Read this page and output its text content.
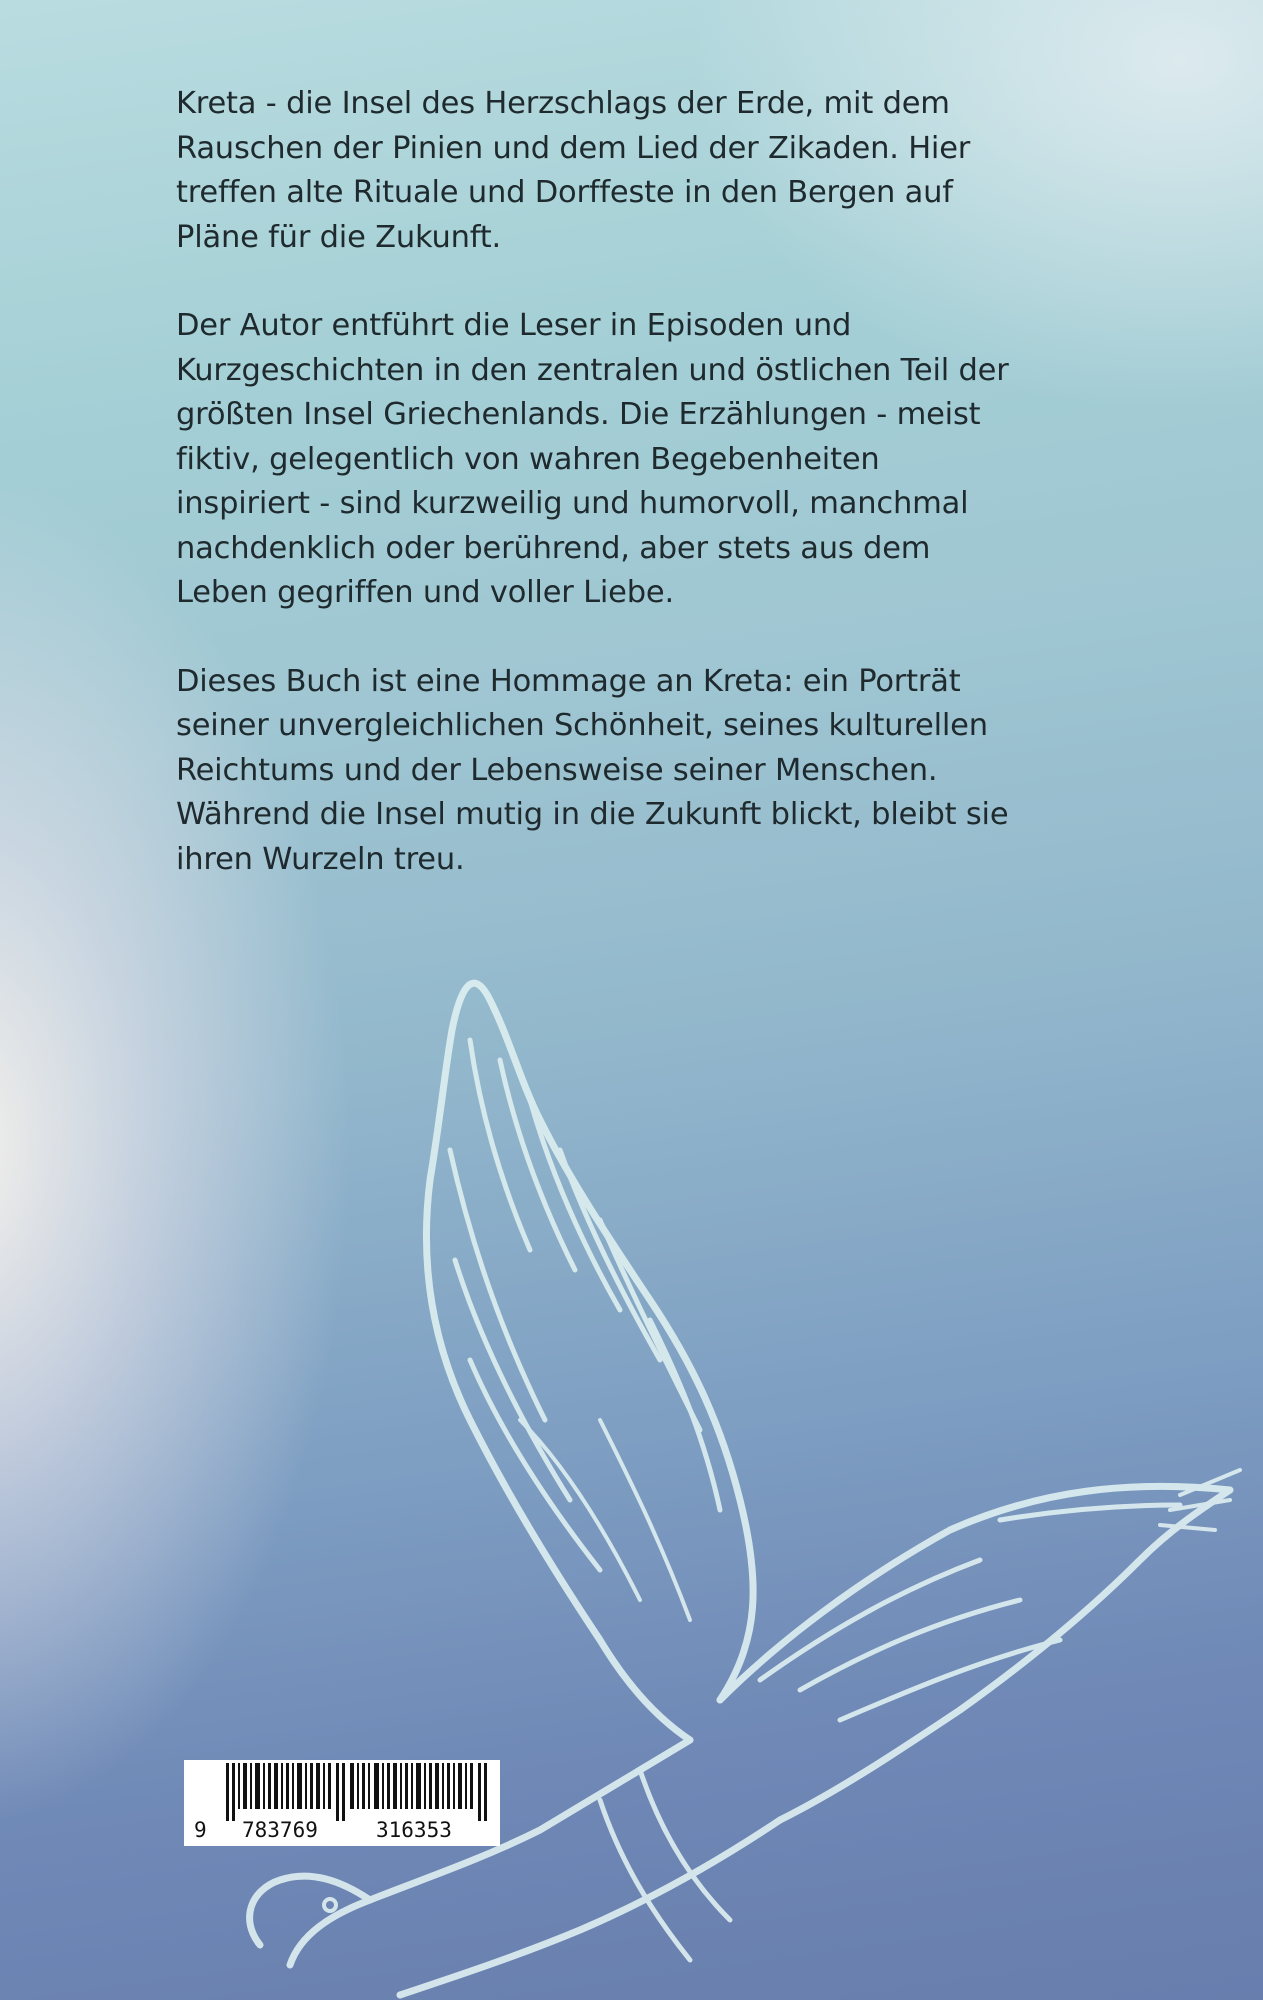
Kreta - die Insel des Herzschlags der Erde, mit dem
Rauschen der Pinien und dem Lied der Zikaden. Hier
treffen alte Rituale und Dorffeste in den Bergen auf
Pläne für die Zukunft.

Der Autor entführt die Leser in Episoden und
Kurzgeschichten in den zentralen und östlichen Teil der
größten Insel Griechenlands. Die Erzählungen - meist
fiktiv, gelegentlich von wahren Begebenheiten
inspiriert - sind kurzweilig und humorvoll, manchmal
nachdenklich oder berührend, aber stets aus dem
Leben gegriffen und voller Liebe.

Dieses Buch ist eine Hommage an Kreta: ein Porträt
seiner unvergleichlichen Schönheit, seines kulturellen
Reichtums und der Lebensweise seiner Menschen.
Während die Insel mutig in die Zukunft blickt, bleibt sie
ihren Wurzeln treu.

9 783769	316353
